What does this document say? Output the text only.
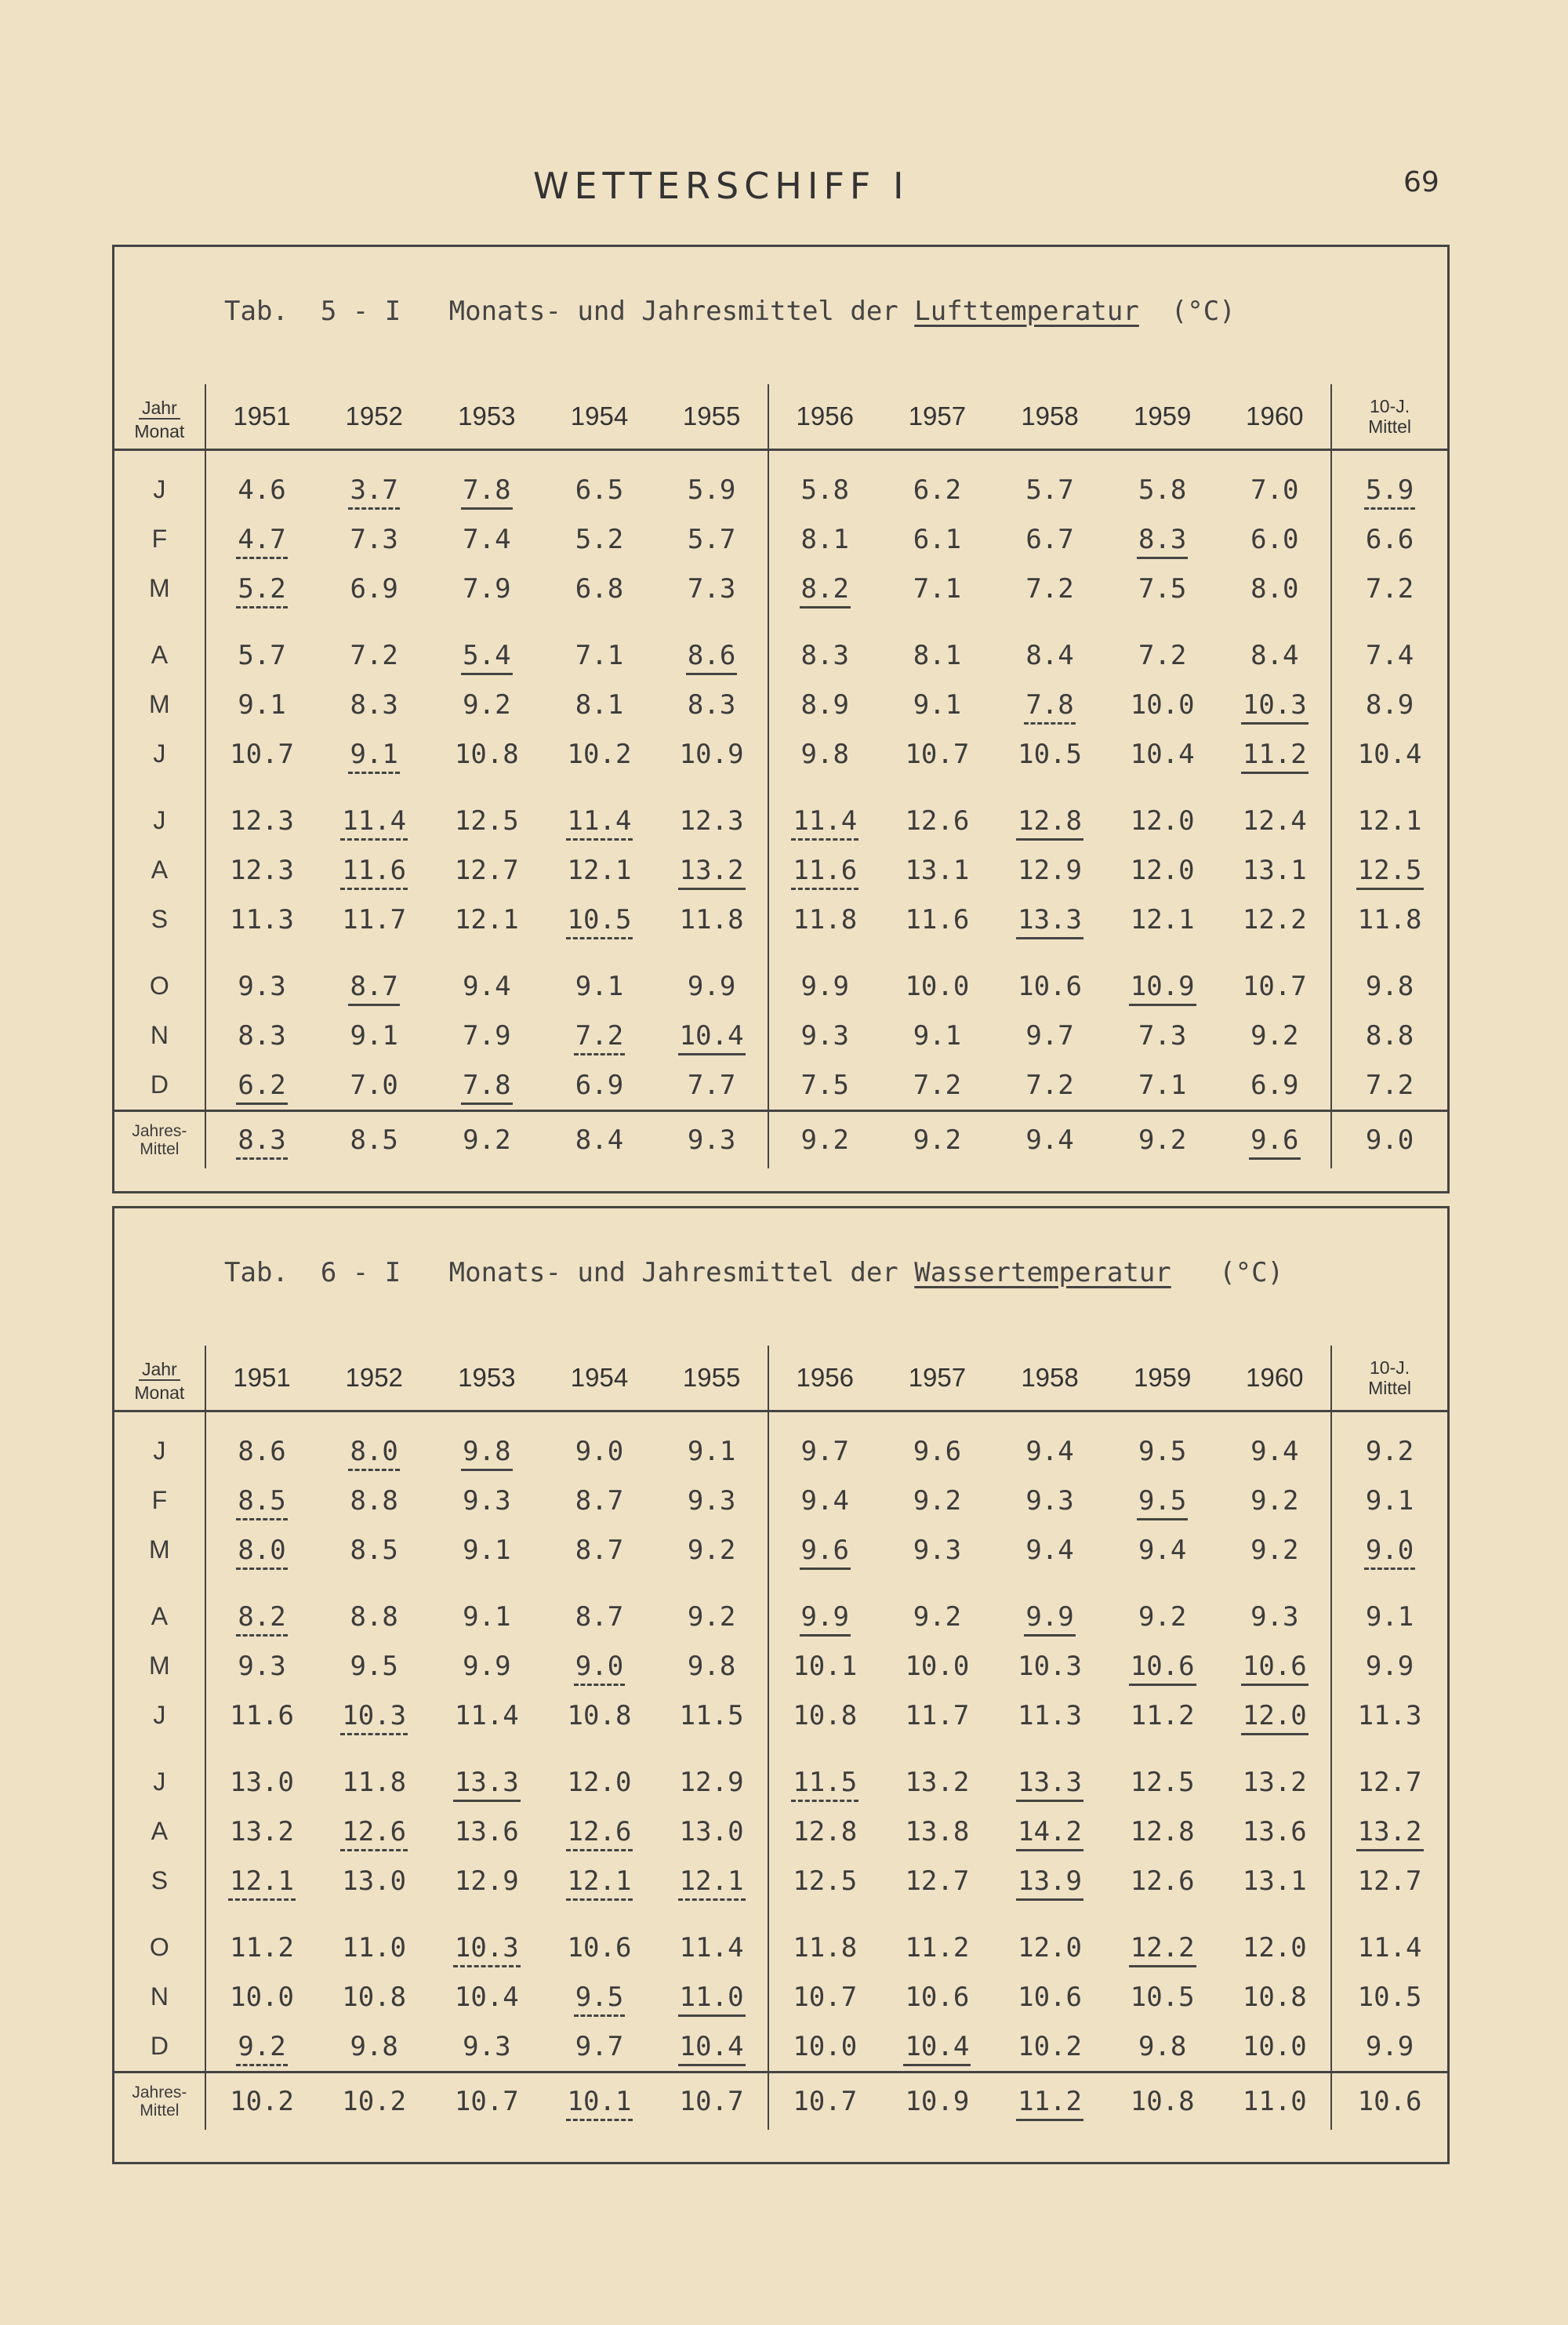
WETTERSCHIFF I	69
Tab. 5 - I Monats- und Jahresmittel der Lufttemperatur (°C)
Jahr
Monat	1951	1952	1953	1954	1955	1956	1957	1958	1959	1960	10-J.
Mittel

J	4.6	3.7	7.8	6.5	5.9	5.8	6.2	5.7	5.8	7.0	5.9
F	4.7	7.3	7.4	5.2	5.7	8.1	6.1	6.7	8.3	6.0	6.6
M	5.2	6.9	7.9	6.8	7.3	8.2	7.1	7.2	7.5	8.0	7.2
A	5.7	7.2	5.4	7.1	8.6	8.3	8.1	8.4	7.2	8.4	7.4
M	9.1	8.3	9.2	8.1	8.3	8.9	9.1	7.8	10.0	10.3	8.9
J	10.7	9.1	10.8	10.2	10.9	9.8	10.7	10.5	10.4	11.2	10.4
J	12.3	11.4	12.5	11.4	12.3	11.4	12.6	12.8	12.0	12.4	12.1
A	12.3	11.6	12.7	12.1	13.2	11.6	13.1	12.9	12.0	13.1	12.5
S	11.3	11.7	12.1	10.5	11.8	11.8	11.6	13.3	12.1	12.2	11.8
O	9.3	8.7	9.4	9.1	9.9	9.9	10.0	10.6	10.9	10.7	9.8
N	8.3	9.1	7.9	7.2	10.4	9.3	9.1	9.7	7.3	9.2	8.8
D	6.2	7.0	7.8	6.9	7.7	7.5	7.2	7.2	7.1	6.9	7.2

Jahres-
Mittel	8.3	8.5	9.2	8.4	9.3	9.2	9.2	9.4	9.2	9.6	9.0
Tab. 6 - I Monats- und Jahresmittel der Wassertemperatur (°C)
Jahr
Monat	1951	1952	1953	1954	1955	1956	1957	1958	1959	1960	10-J.
Mittel

J	8.6	8.0	9.8	9.0	9.1	9.7	9.6	9.4	9.5	9.4	9.2
F	8.5	8.8	9.3	8.7	9.3	9.4	9.2	9.3	9.5	9.2	9.1
M	8.0	8.5	9.1	8.7	9.2	9.6	9.3	9.4	9.4	9.2	9.0
A	8.2	8.8	9.1	8.7	9.2	9.9	9.2	9.9	9.2	9.3	9.1
M	9.3	9.5	9.9	9.0	9.8	10.1	10.0	10.3	10.6	10.6	9.9
J	11.6	10.3	11.4	10.8	11.5	10.8	11.7	11.3	11.2	12.0	11.3
J	13.0	11.8	13.3	12.0	12.9	11.5	13.2	13.3	12.5	13.2	12.7
A	13.2	12.6	13.6	12.6	13.0	12.8	13.8	14.2	12.8	13.6	13.2
S	12.1	13.0	12.9	12.1	12.1	12.5	12.7	13.9	12.6	13.1	12.7
O	11.2	11.0	10.3	10.6	11.4	11.8	11.2	12.0	12.2	12.0	11.4
N	10.0	10.8	10.4	9.5	11.0	10.7	10.6	10.6	10.5	10.8	10.5
D	9.2	9.8	9.3	9.7	10.4	10.0	10.4	10.2	9.8	10.0	9.9

Jahres-
Mittel	10.2	10.2	10.7	10.1	10.7	10.7	10.9	11.2	10.8	11.0	10.6
